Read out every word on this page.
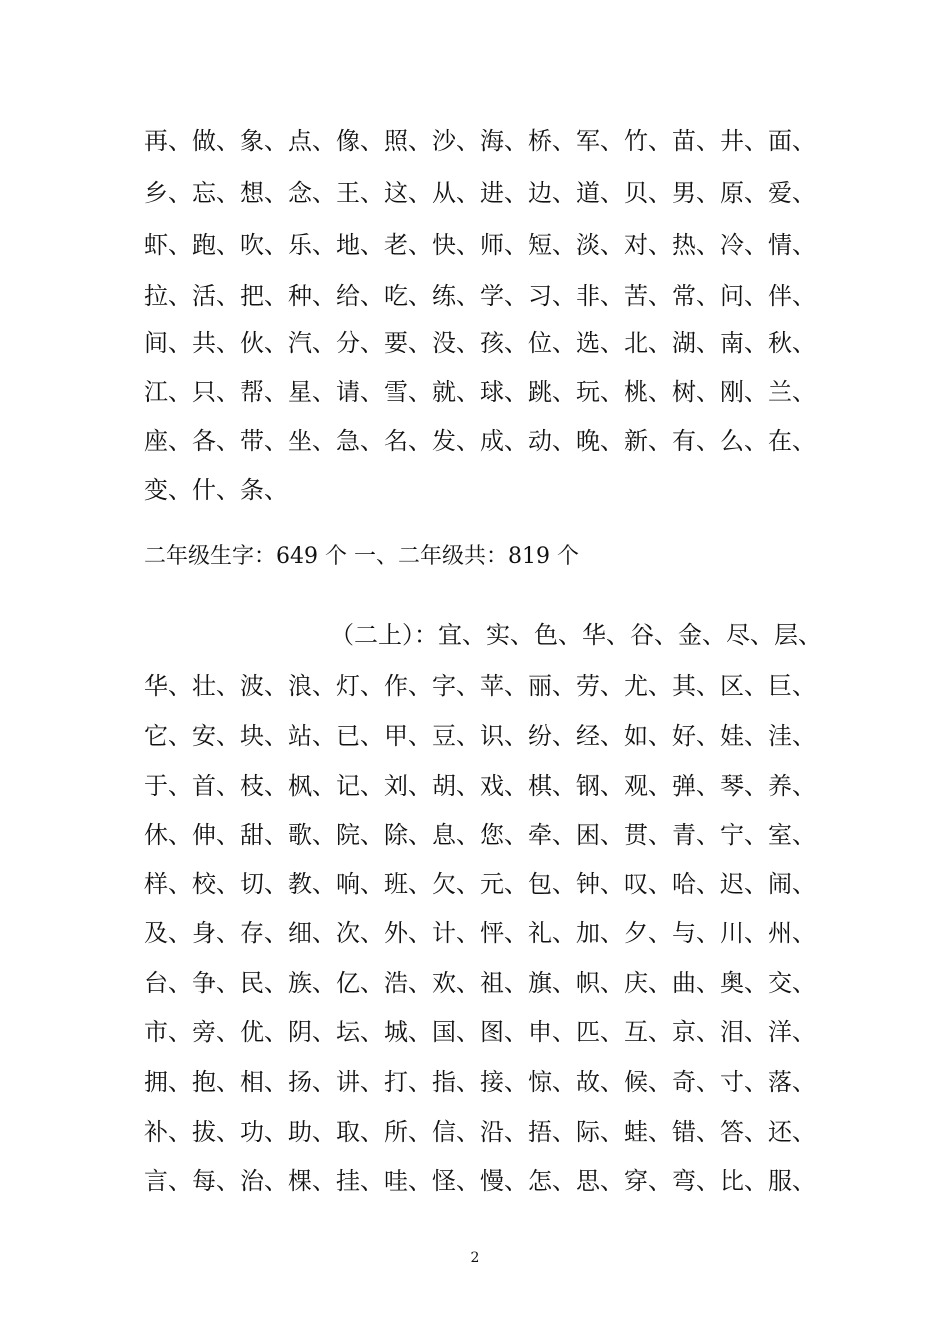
再、做、象、点、像、照、沙、海、桥、军、竹、苗、井、面、
乡、忘、想、念、王、这、从、进、边、道、贝、男、原、爱、
虾、跑、吹、乐、地、老、快、师、短、淡、对、热、冷、情、
拉、活、把、种、给、吃、练、学、习、非、苦、常、问、伴、
间、共、伙、汽、分、要、没、孩、位、选、北、湖、南、秋、
江、只、帮、星、请、雪、就、球、跳、玩、桃、树、刚、兰、
座、各、带、坐、急、名、发、成、动、晚、新、有、么、在、
变、什、条、
二年级生字：649 个 一、二年级共：819 个
（二上）：宜、实、色、华、谷、金、尽、层、
华、壮、波、浪、灯、作、字、苹、丽、劳、尤、其、区、巨、
它、安、块、站、已、甲、豆、识、纷、经、如、好、娃、洼、
于、首、枝、枫、记、刘、胡、戏、棋、钢、观、弹、琴、养、
休、伸、甜、歌、院、除、息、您、牵、困、贯、青、宁、室、
样、校、切、教、响、班、欠、元、包、钟、叹、哈、迟、闹、
及、身、存、细、次、外、计、怦、礼、加、夕、与、川、州、
台、争、民、族、亿、浩、欢、祖、旗、帜、庆、曲、奥、交、
市、旁、优、阴、坛、城、国、图、申、匹、互、京、泪、洋、
拥、抱、相、扬、讲、打、指、接、惊、故、候、奇、寸、落、
补、拔、功、助、取、所、信、沿、捂、际、蛙、错、答、还、
言、每、治、棵、挂、哇、怪、慢、怎、思、穿、弯、比、服、
2
